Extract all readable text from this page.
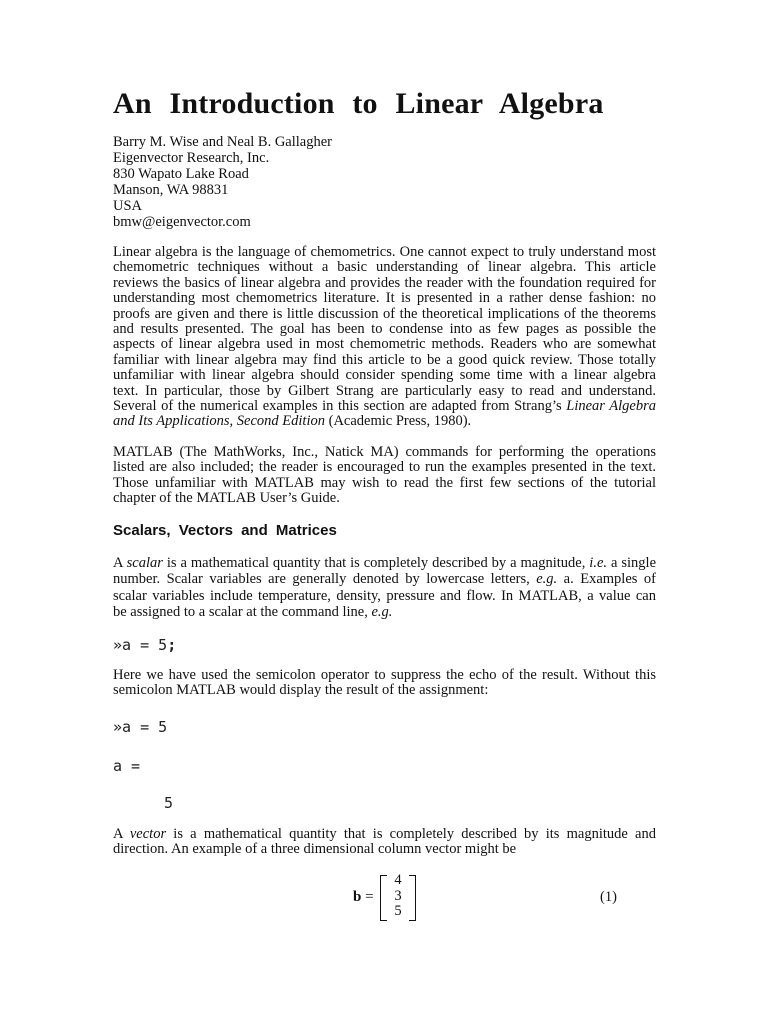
An Introduction to Linear Algebra
Barry M. Wise and Neal B. Gallagher
Eigenvector Research, Inc.
830 Wapato Lake Road
Manson, WA 98831
USA
bmw@eigenvector.com
Linear algebra is the language of chemometrics. One cannot expect to truly understand most
chemometric techniques without a basic understanding of linear algebra. This article
reviews the basics of linear algebra and provides the reader with the foundation required for
understanding most chemometrics literature. It is presented in a rather dense fashion: no
proofs are given and there is little discussion of the theoretical implications of the theorems
and results presented. The goal has been to condense into as few pages as possible the
aspects of linear algebra used in most chemometric methods. Readers who are somewhat
familiar with linear algebra may find this article to be a good quick review. Those totally
unfamiliar with linear algebra should consider spending some time with a linear algebra
text. In particular, those by Gilbert Strang are particularly easy to read and understand.
Several of the numerical examples in this section are adapted from Strang’s Linear Algebra
and Its Applications, Second Edition (Academic Press, 1980).
MATLAB (The MathWorks, Inc., Natick MA) commands for performing the operations
listed are also included; the reader is encouraged to run the examples presented in the text.
Those unfamiliar with MATLAB may wish to read the first few sections of the tutorial
chapter of the MATLAB User’s Guide.
Scalars, Vectors and Matrices
A scalar is a mathematical quantity that is completely described by a magnitude, i.e. a single
number. Scalar variables are generally denoted by lowercase letters, e.g. a. Examples of
scalar variables include temperature, density, pressure and flow. In MATLAB, a value can
be assigned to a scalar at the command line, e.g.
»a = 5;
Here we have used the semicolon operator to suppress the echo of the result. Without this
semicolon MATLAB would display the result of the assignment:
»a = 5
a =
5
A vector is a mathematical quantity that is completely described by its magnitude and
direction. An example of a three dimensional column vector might be
b =
4
3
5
(1)
